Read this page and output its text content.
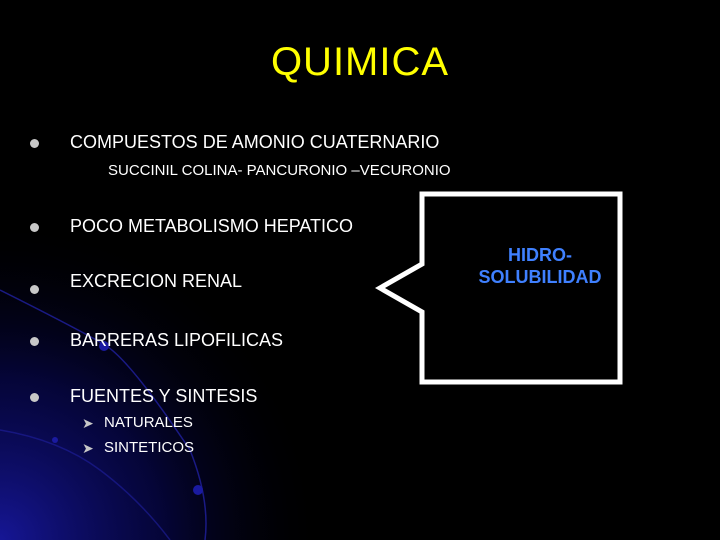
QUIMICA
COMPUESTOS DE AMONIO CUATERNARIO
SUCCINIL COLINA- PANCURONIO –VECURONIO
POCO METABOLISMO HEPATICO
EXCRECION RENAL
BARRERAS LIPOFILICAS
FUENTES Y SINTESIS
➤ NATURALES
➤ SINTETICOS
HIDRO-
SOLUBILIDAD
